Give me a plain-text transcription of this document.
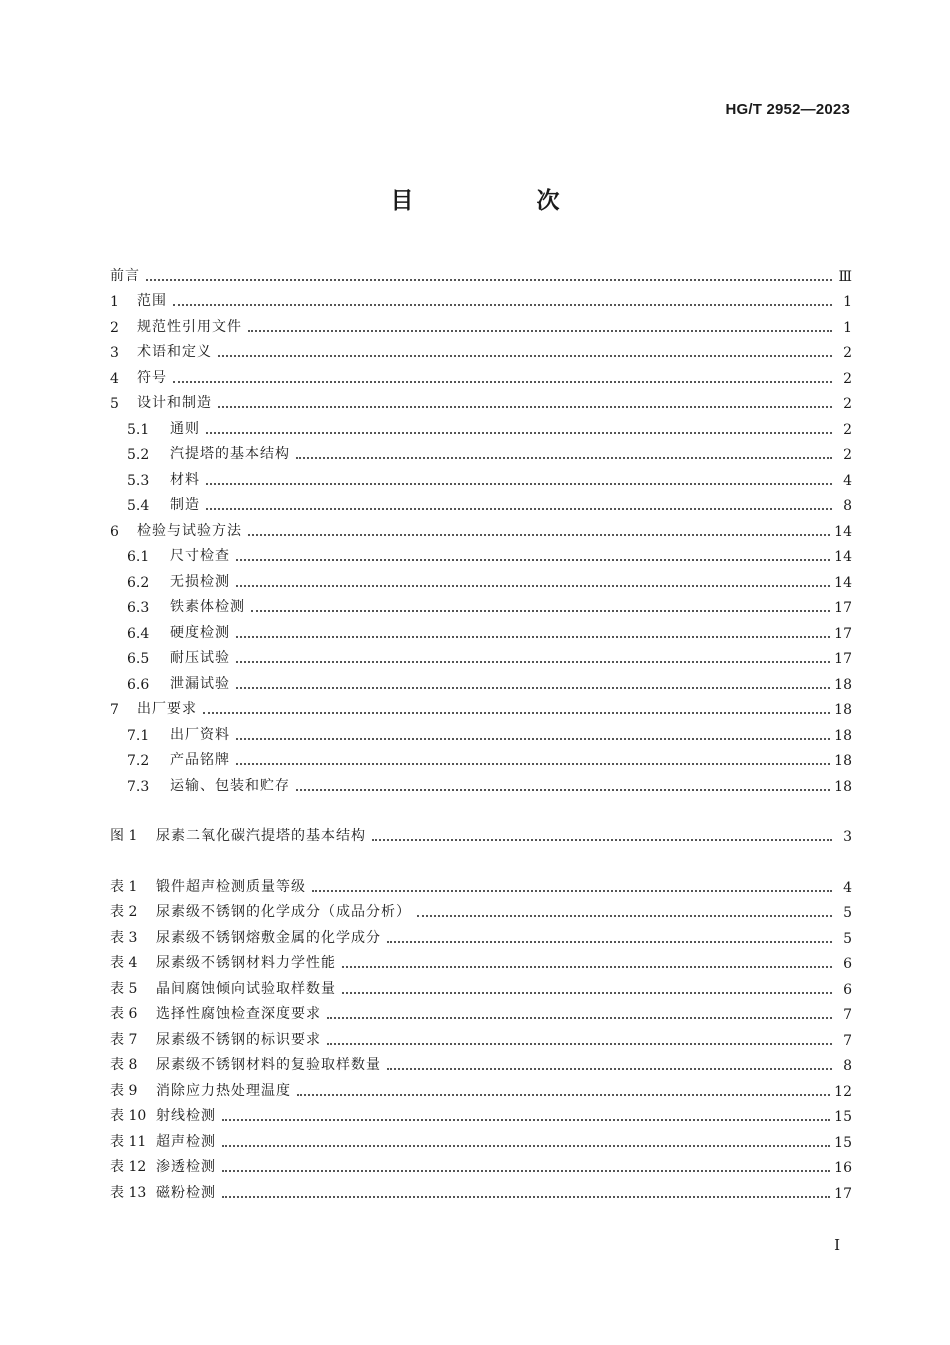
HG/T 2952—2023
目　次
前言	Ⅲ
1	范围	1
2	规范性引用文件	1
3	术语和定义	2
4	符号	2
5	设计和制造	2
5.1	通则	2
5.2	汽提塔的基本结构	2
5.3	材料	4
5.4	制造	8
6	检验与试验方法	14
6.1	尺寸检查	14
6.2	无损检测	14
6.3	铁素体检测	17
6.4	硬度检测	17
6.5	耐压试验	17
6.6	泄漏试验	18
7	出厂要求	18
7.1	出厂资料	18
7.2	产品铭牌	18
7.3	运输、包装和贮存	18
图 1	尿素二氧化碳汽提塔的基本结构	3
表 1	锻件超声检测质量等级	4
表 2	尿素级不锈钢的化学成分（成品分析）	5
表 3	尿素级不锈钢熔敷金属的化学成分	5
表 4	尿素级不锈钢材料力学性能	6
表 5	晶间腐蚀倾向试验取样数量	6
表 6	选择性腐蚀检查深度要求	7
表 7	尿素级不锈钢的标识要求	7
表 8	尿素级不锈钢材料的复验取样数量	8
表 9	消除应力热处理温度	12
表 10 射线检测	15
表 11 超声检测	15
表 12 渗透检测	16
表 13 磁粉检测	17
I
